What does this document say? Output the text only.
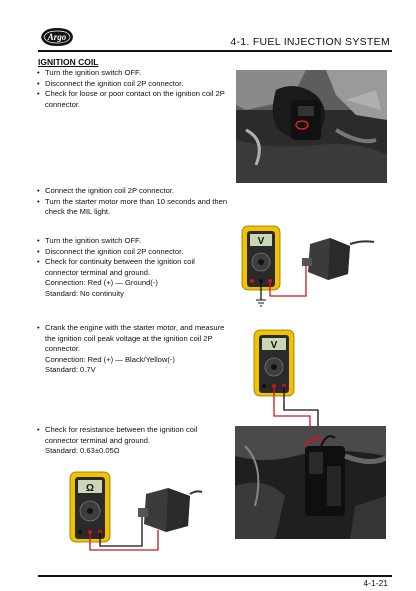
Argo	4-1. FUEL INJECTION SYSTEM
IGNITION COIL
• Turn the ignition switch OFF.
• Disconnect the ignition coil 2P connector.
• Check for loose or poor contact on the ignition coil 2P connector.
• Connect the ignition coil 2P connector.
• Turn the starter motor more than 10 seconds and then check the MIL light.
• Turn the ignition switch OFF.
• Disconnect the ignition coil 2P connector.
• Check for continuity between the ignition coil connector terminal and ground.
Connection: Red (+) — Ground(-)
Standard: No continuity
V
• Crank the engine with the starter motor, and measure the ignition coil peak voltage at the ignition coil 2P connector.
Connection: Red (+) — Black/Yellow(-)
Standard: 0.7V
V
• Check for resistance between the ignition coil connector terminal and ground.
Standard: 0.63±0.05Ω
Ω
4-1-21
